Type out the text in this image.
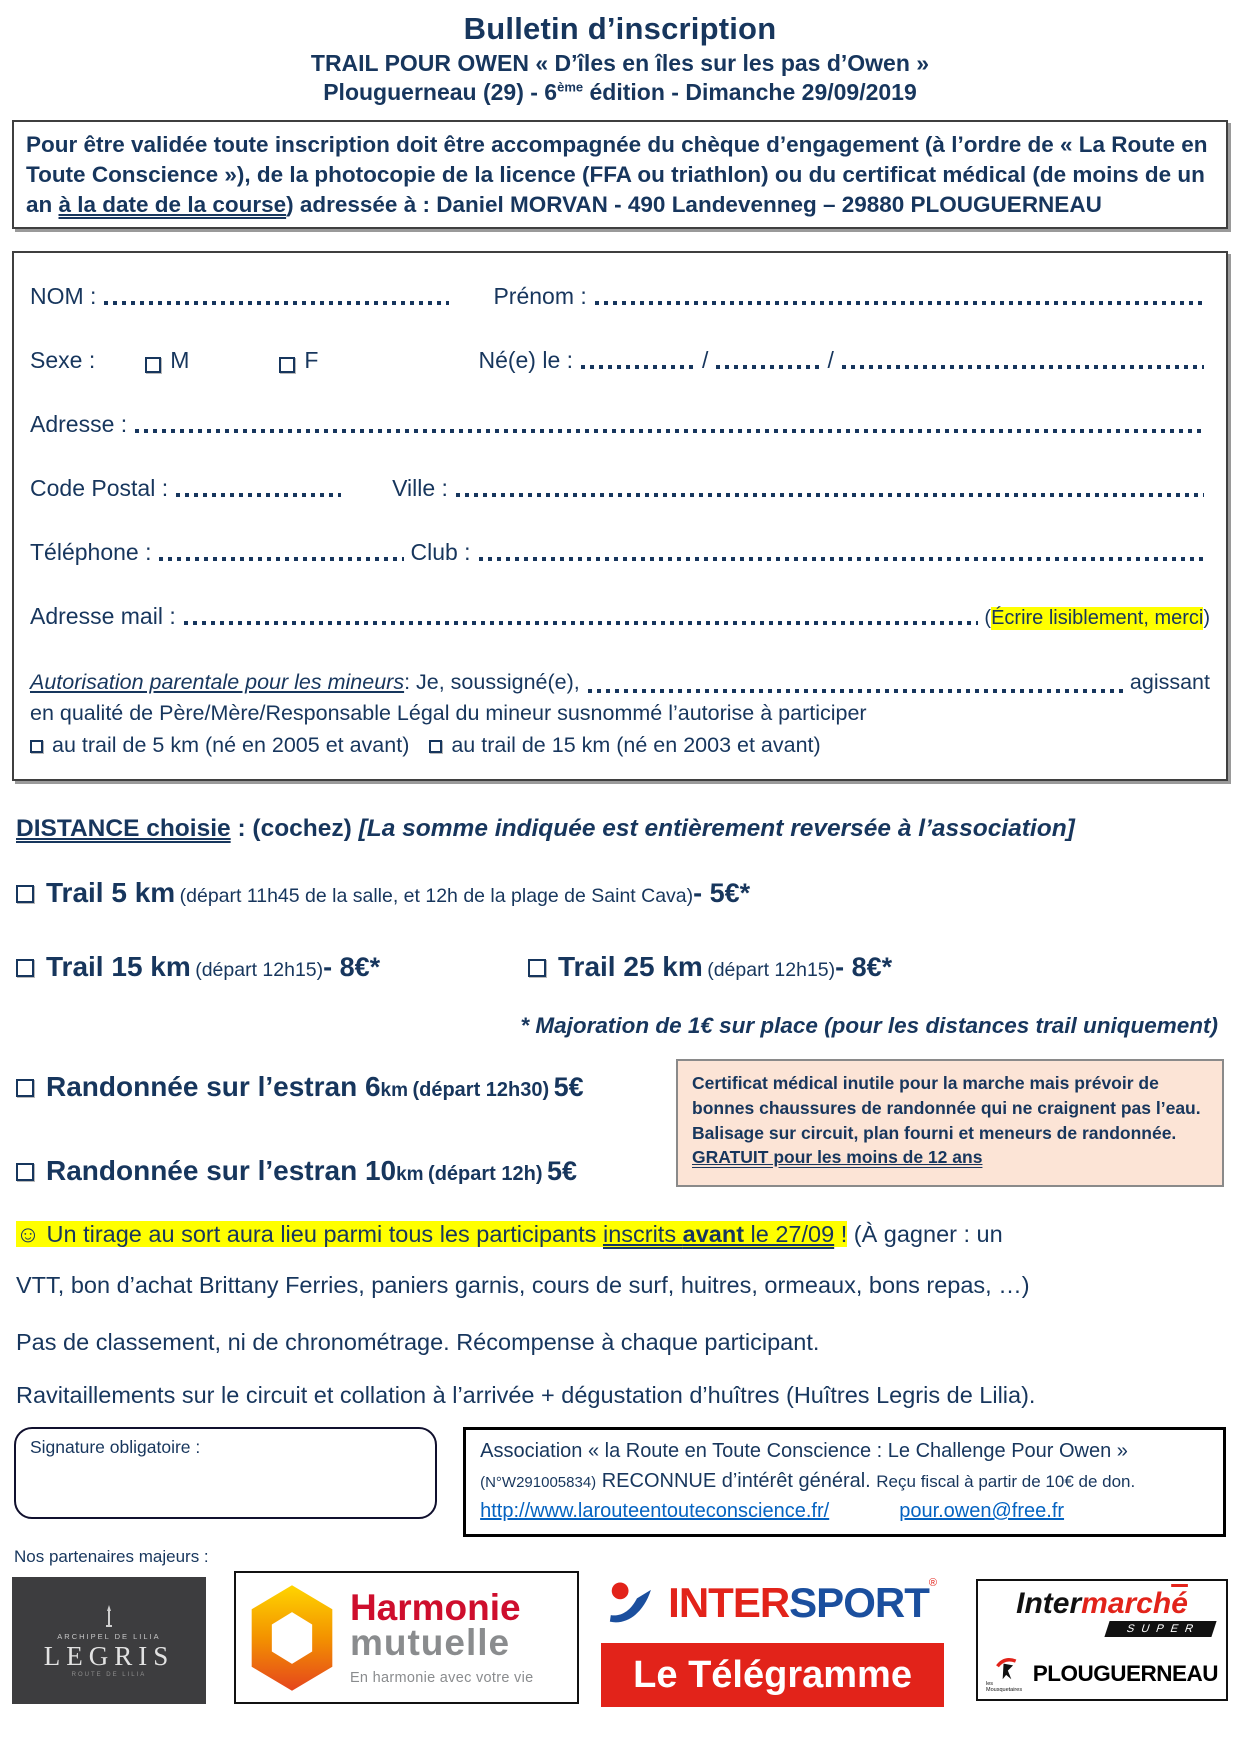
Bulletin d’inscription
TRAIL POUR OWEN « D’îles en îles sur les pas d’Owen »
Plouguerneau (29) - 6ème édition - Dimanche 29/09/2019
Pour être validée toute inscription doit être accompagnée du chèque d’engagement (à l’ordre de « La Route en Toute Conscience »), de la photocopie de la licence (FFA ou triathlon) ou du certificat médical (de moins de un an à la date de la course) adressée à : Daniel MORVAN - 490 Landevenneg – 29880 PLOUGUERNEAU
NOM :	Prénom :
Sexe :	M	F	Né(e) le :	/	/
Adresse :
Code Postal :	Ville :
Téléphone :	Club :
Adresse mail :	( Écrire lisiblement, merci )
Autorisation parentale pour les mineurs : Je, soussigné(e),	agissant
en qualité de Père/Mère/Responsable Légal du mineur susnommé l’autorise à participer
au trail de 5 km (né en 2005 et avant) au trail de 15 km (né en 2003 et avant)
DISTANCE choisie : (cochez) [La somme indiquée est entièrement reversée à l’association]
Trail 5 km (départ 11h45 de la salle, et 12h de la plage de Saint Cava)- 5€*
Trail 15 km (départ 12h15)- 8€*	Trail 25 km (départ 12h15)- 8€*
* Majoration de 1€ sur place (pour les distances trail uniquement)
Randonnée sur l’estran 6km (départ 12h30) 5€
Randonnée sur l’estran 10km (départ 12h) 5€
Certificat médical inutile pour la marche mais prévoir de bonnes chaussures de randonnée qui ne craignent pas l’eau. Balisage sur circuit, plan fourni et meneurs de randonnée. GRATUIT pour les moins de 12 ans
☺ Un tirage au sort aura lieu parmi tous les participants inscrits avant le 27/09 ! (À gagner : un
VTT, bon d’achat Brittany Ferries, paniers garnis, cours de surf, huitres, ormeaux, bons repas, …)
Pas de classement, ni de chronométrage. Récompense à chaque participant.
Ravitaillements sur le circuit et collation à l’arrivée + dégustation d’huîtres (Huîtres Legris de Lilia).
Signature obligatoire :	Association « la Route en Toute Conscience : Le Challenge Pour Owen »
(N°W291005834) RECONNUE d’intérêt général. Reçu fiscal à partir de 10€ de don.
http://www.larouteentouteconscience.fr/	pour.owen@free.fr
Nos partenaires majeurs :
ARCHIPEL DE LILIA
LEGRIS
ROUTE DE LILIA
Harmonie
mutuelle
En harmonie avec votre vie
INTER SPORT ®
Le Télégramme
$Intermarch\overline{é}$
SUPER
les Mousquetaires
PLOUGUERNEAU
